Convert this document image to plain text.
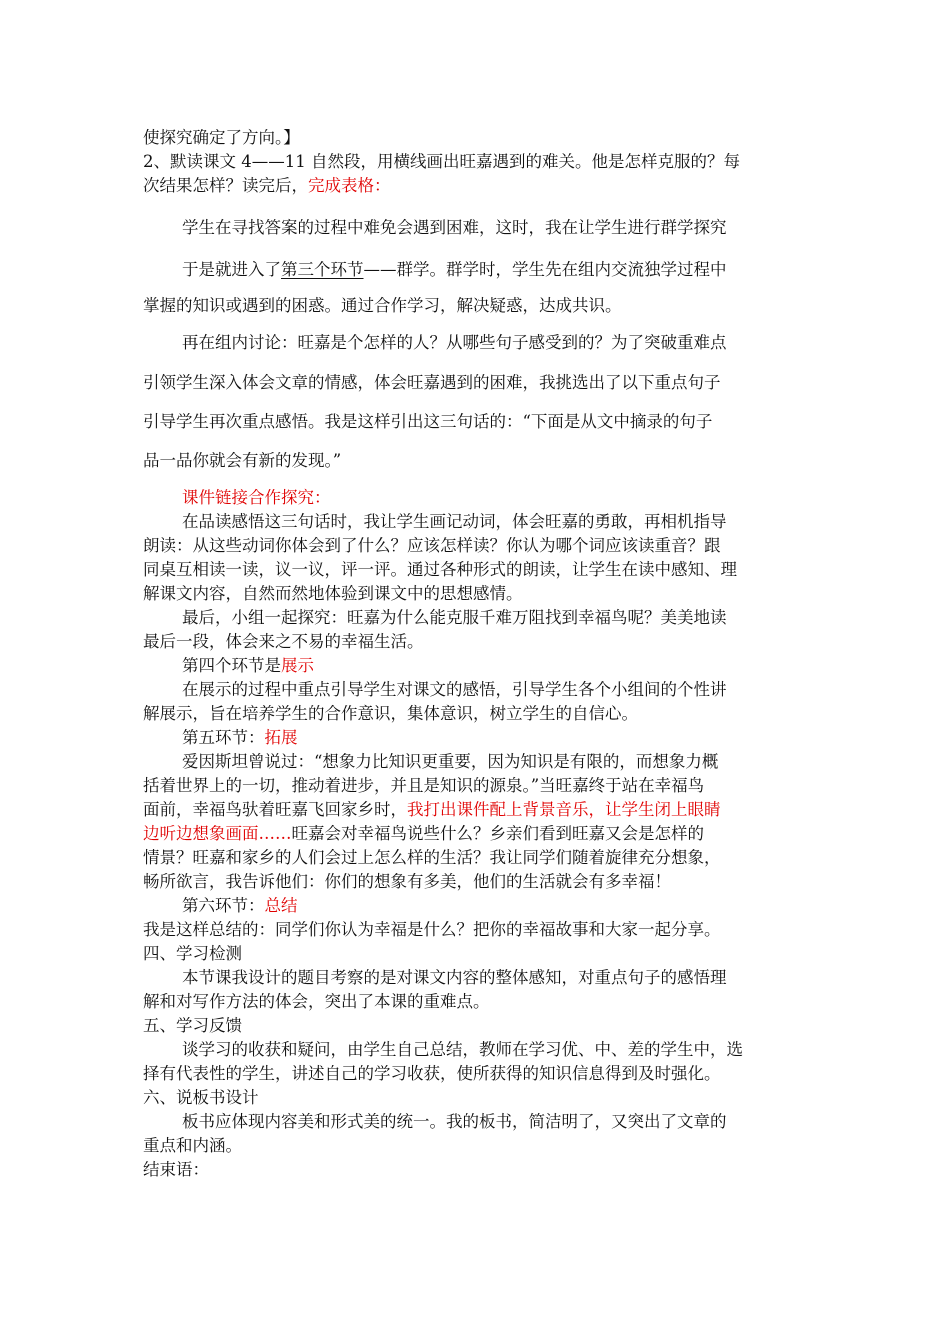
使探究确定了方向。】
2、默读课文 4——11 自然段，用横线画出旺嘉遇到的难关。他是怎样克服的？每
次结果怎样？读完后，完成表格：
学生在寻找答案的过程中难免会遇到困难，这时，我在让学生进行群学探究
于是就进入了第三个环节——群学。群学时，学生先在组内交流独学过程中
掌握的知识或遇到的困惑。通过合作学习，解决疑惑，达成共识。
再在组内讨论：旺嘉是个怎样的人？从哪些句子感受到的？为了突破重难点
引领学生深入体会文章的情感，体会旺嘉遇到的困难，我挑选出了以下重点句子
引导学生再次重点感悟。我是这样引出这三句话的：“下面是从文中摘录的句子
品一品你就会有新的发现。”
课件链接合作探究：
在品读感悟这三句话时，我让学生画记动词，体会旺嘉的勇敢，再相机指导
朗读：从这些动词你体会到了什么？应该怎样读？你认为哪个词应该读重音？跟
同桌互相读一读，议一议，评一评。通过各种形式的朗读，让学生在读中感知、理
解课文内容，自然而然地体验到课文中的思想感情。
最后，小组一起探究：旺嘉为什么能克服千难万阻找到幸福鸟呢？美美地读
最后一段，体会来之不易的幸福生活。
第四个环节是展示
在展示的过程中重点引导学生对课文的感悟，引导学生各个小组间的个性讲
解展示，旨在培养学生的合作意识，集体意识，树立学生的自信心。
第五环节：拓展
爱因斯坦曾说过：“想象力比知识更重要，因为知识是有限的，而想象力概
括着世界上的一切，推动着进步，并且是知识的源泉。”当旺嘉终于站在幸福鸟
面前，幸福鸟驮着旺嘉飞回家乡时，我打出课件配上背景音乐，让学生闭上眼睛
边听边想象画面……旺嘉会对幸福鸟说些什么？乡亲们看到旺嘉又会是怎样的
情景？旺嘉和家乡的人们会过上怎么样的生活？我让同学们随着旋律充分想象，
畅所欲言，我告诉他们：你们的想象有多美，他们的生活就会有多幸福！
第六环节：总结
我是这样总结的：同学们你认为幸福是什么？把你的幸福故事和大家一起分享。
四、学习检测
本节课我设计的题目考察的是对课文内容的整体感知，对重点句子的感悟理
解和对写作方法的体会，突出了本课的重难点。
五、学习反馈
谈学习的收获和疑问，由学生自己总结，教师在学习优、中、差的学生中，选
择有代表性的学生，讲述自己的学习收获，使所获得的知识信息得到及时强化。
六、说板书设计
板书应体现内容美和形式美的统一。我的板书，简洁明了，又突出了文章的
重点和内涵。
结束语：
